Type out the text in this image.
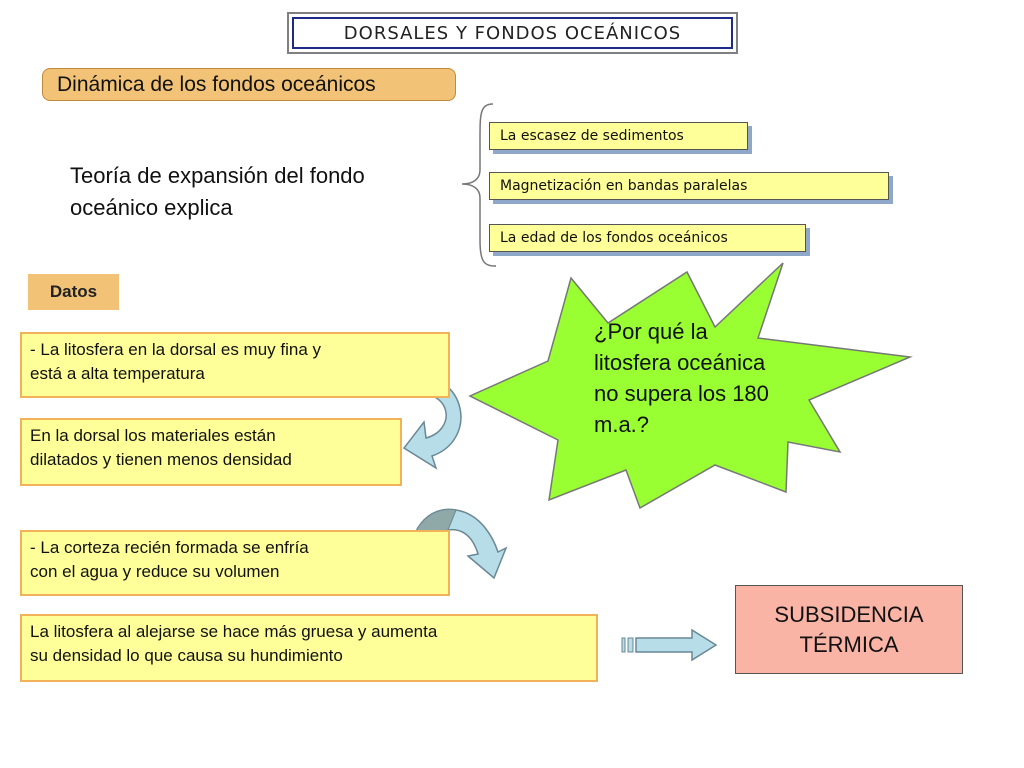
DORSALES Y FONDOS OCEÁNICOS
Dinámica de los fondos oceánicos
Teoría de expansión del fondo
oceánico explica
La escasez de sedimentos
Magnetización en bandas paralelas
La edad de los fondos oceánicos
Datos
- La litosfera en la dorsal es muy fina y
está a alta temperatura
En la dorsal los materiales están
dilatados y tienen menos densidad
- La corteza recién formada se enfría
con el agua y reduce su volumen
La litosfera al alejarse se hace más gruesa y aumenta
su densidad lo que causa su hundimiento
¿Por qué la
litosfera oceánica
no supera los 180
m.a.?
SUBSIDENCIA
TÉRMICA
